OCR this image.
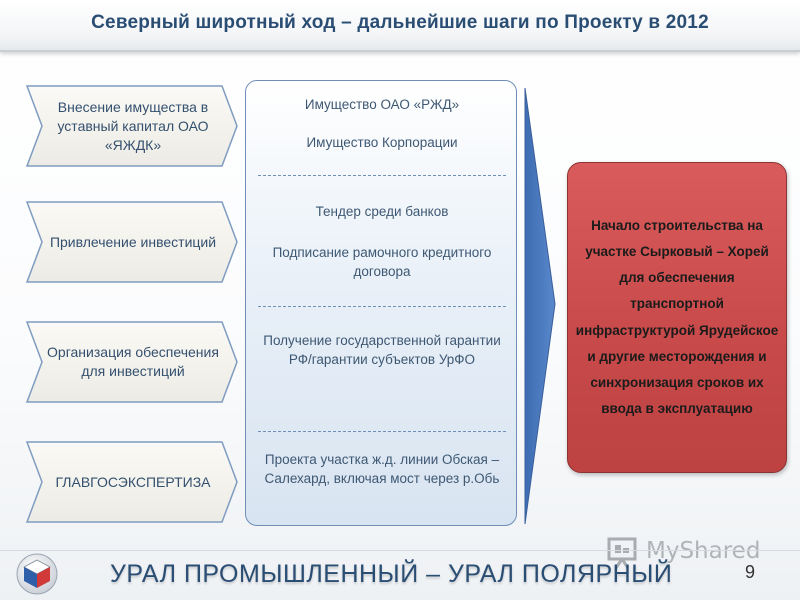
Северный широтный ход – дальнейшие шаги по Проекту в 2012
Внесение имущества в уставный капитал ОАО «ЯЖДК»
Привлечение инвестиций
Организация обеспечения для инвестиций
ГЛАВГОСЭКСПЕРТИЗА
Имущество ОАО «РЖД»
Имущество Корпорации
Тендер среди банков
Подписание рамочного кредитного договора
Получение государственной гарантии РФ/гарантии субъектов УрФО
Проекта участка ж.д. линии Обская – Салехард, включая мост через р.Обь
Начало строительства на участке Сырковый – Хорей для обеспечения транспортной инфраструктурой Ярудейское и другие месторождения и синхронизация сроков их ввода в эксплуатацию
MyShared
УРАЛ ПРОМЫШЛЕННЫЙ – УРАЛ ПОЛЯРНЫЙ	9
